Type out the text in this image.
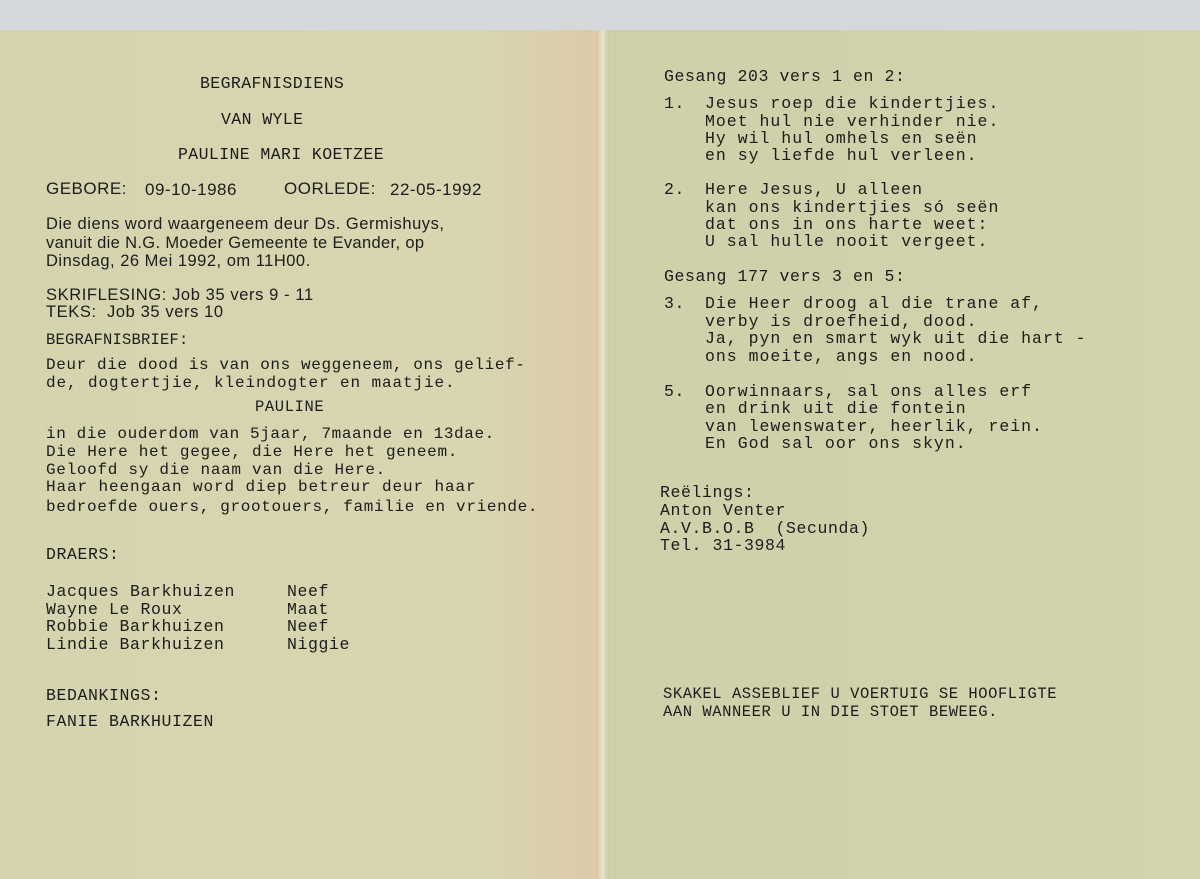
BEGRAFNISDIENS

VAN WYLE

PAULINE MARI KOETZEE

GEBORE: 09-10-1986	OORLEDE: 22-05-1992

Die diens word waargeneem deur Ds. Germishuys,

vanuit die N.G. Moeder Gemeente te Evander, op

Dinsdag, 26 Mei 1992, om 11H00.

SKRIFLESING: Job 35 vers 9 - 11

TEKS:  Job 35 vers 10

BEGRAFNISBRIEF:

Deur die dood is van ons weggeneem, ons gelief-

de, dogtertjie, kleindogter en maatjie.

PAULINE

in die ouderdom van 5jaar, 7maande en 13dae.

Die Here het gegee, die Here het geneem.

Geloofd sy die naam van die Here.

Haar heengaan word diep betreur deur haar

bedroefde ouers, grootouers, familie en vriende.

DRAERS:

Jacques Barkhuizen	Neef

Wayne Le Roux	Maat

Robbie Barkhuizen	Neef

Lindie Barkhuizen	Niggie

BEDANKINGS:

FANIE BARKHUIZEN

Gesang 203 vers 1 en 2:

1. Jesus roep die kindertjies.

Moet hul nie verhinder nie.

Hy wil hul omhels en seën

en sy liefde hul verleen.

2. Here Jesus, U alleen

kan ons kindertjies só seën

dat ons in ons harte weet:

U sal hulle nooit vergeet.

Gesang 177 vers 3 en 5:

3. Die Heer droog al die trane af,

verby is droefheid, dood.

Ja, pyn en smart wyk uit die hart -

ons moeite, angs en nood.

5. Oorwinnaars, sal ons alles erf

en drink uit die fontein

van lewenswater, heerlik, rein.

En God sal oor ons skyn.

Reëlings:

Anton Venter

A.V.B.O.B  (Secunda)

Tel. 31-3984

SKAKEL ASSEBLIEF U VOERTUIG SE HOOFLIGTE

AAN WANNEER U IN DIE STOET BEWEEG.
